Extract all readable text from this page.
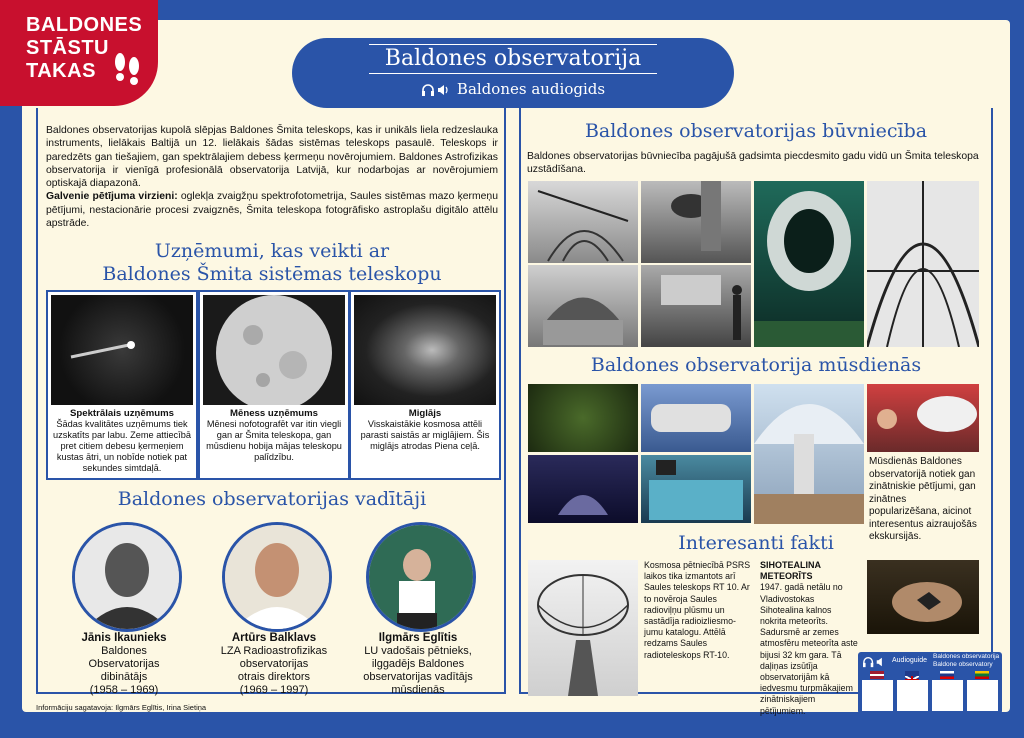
BALDONES
STĀSTU
TAKAS	Baldones observatorija
Baldones audiogids
Baldones observatorijas kupolā slēpjas Baldones Šmita teleskops, kas ir unikāls liela redzeslauka instruments, lielākais Baltijā un 12. lielākais šādas sistēmas teleskops pasaulē. Teleskops ir paredzēts gan tiešajiem, gan spektrālajiem debess ķermeņu novērojumiem. Baldones Astrofizikas observatorija ir vienīgā profesionālā observatorija Latvijā, kur nodarbojas ar novērojumiem optiskajā diapazonā.
Galvenie pētījuma virzieni: oglekļa zvaigžņu spektrofotometrija, Saules sistēmas mazo ķermeņu pētījumi, nestacionārie procesi zvaigznēs, Šmita teleskopa fotogrāfisko astroplašu digitālo attēlu apstrāde.
Uzņēmumi, kas veikti ar
Baldones Šmita sistēmas teleskopu
Spektrālais uzņēmums
Šādas kvalitātes uzņēmums tiek uzskatīts par labu. Zeme attiecībā pret citiem debesu ķermeņiem kustas ātri, un nobīde notiek pat sekundes simtdaļā.
Mēness uzņēmums
Mēnesi nofotografēt var itin viegli gan ar Šmita teleskopa, gan mūsdienu hobija mājas teleskopu palīdzību.
Miglājs
Visskaistākie kosmosa attēli parasti saistās ar miglājiem. Šis miglājs atrodas Piena ceļā.
Baldones observatorijas vadītāji
Jānis Ikaunieks
Baldones
Observatorijas
dibinātājs
(1958 – 1969)
Artūrs Balklavs
LZA Radioastrofizikas
observatorijas
otrais direktors
(1969 – 1997)
Ilgmārs Eglītis
LU vadošais pētnieks,
ilggadējs Baldones
observatorijas vadītājs
mūsdienās
Baldones observatorijas būvniecība
Baldones observatorijas būvniecība pagājušā gadsimta piecdesmito gadu vidū un Šmita teleskopa uzstādīšana.
Baldones observatorija mūsdienās
Mūsdienās Baldones observatorijā notiek gan zinātniskie pētījumi, gan zinātnes popularizēšana, aicinot interesentus aizraujošās ekskursijās.
Interesanti fakti
Kosmosa pētniecībā PSRS laikos tika izmantots arī Saules teleskops RT 10. Ar to novēroja Saules radioviļņu plūsmu un sastādīja radioizliesmo-jumu katalogu. Attēlā redzams Saules radioteleskops RT-10.
SIHOTEALINA METEORĪTS
1947. gadā netālu no Vladivostokas Sihotealina kalnos nokrita meteorīts. Sadursmē ar zemes atmosfēru meteorīta aste bijusi 32 km gara. Tā daļiņas izsūtīja observatorijām kā iedvesmu turpmākajiem zinātniskajiem pētījumiem.
Audioguide
Baldones observatorija
Baldone observatory
Informāciju sagatavoja: Ilgmārs Eglītis, Irina Sietiņa
